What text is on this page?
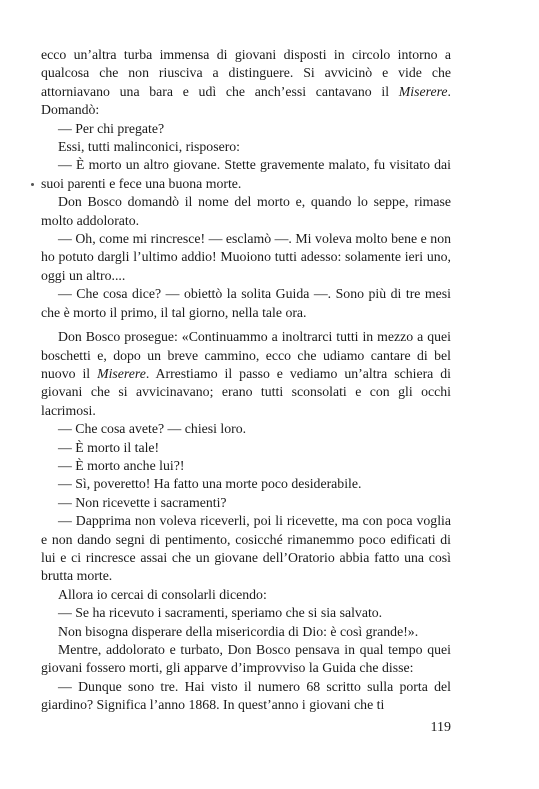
ecco un’altra turba immensa di giovani disposti in circolo intorno a qualcosa che non riusciva a distinguere. Si avvicinò e vide che attorniavano una bara e udì che anch’essi cantavano il Miserere. Domandò:

— Per chi pregate?

Essi, tutti malinconici, risposero:

— È morto un altro giovane. Stette gravemente malato, fu visitato dai suoi parenti e fece una buona morte.

Don Bosco domandò il nome del morto e, quando lo seppe, rimase molto addolorato.

— Oh, come mi rincresce! — esclamò —. Mi voleva molto bene e non ho potuto dargli l’ultimo addio! Muoiono tutti adesso: solamente ieri uno, oggi un altro....

— Che cosa dice? — obiettò la solita Guida —. Sono più di tre mesi che è morto il primo, il tal giorno, nella tale ora.

Don Bosco prosegue: «Continuammo a inoltrarci tutti in mezzo a quei boschetti e, dopo un breve cammino, ecco che udiamo cantare di bel nuovo il Miserere. Arrestiamo il passo e vediamo un’altra schiera di giovani che si avvicinavano; erano tutti sconsolati e con gli occhi lacrimosi.

— Che cosa avete? — chiesi loro.

— È morto il tale!

— È morto anche lui?!

— Sì, poveretto! Ha fatto una morte poco desiderabile.

— Non ricevette i sacramenti?

— Dapprima non voleva riceverli, poi li ricevette, ma con poca voglia e non dando segni di pentimento, cosicché rimanemmo poco edificati di lui e ci rincresce assai che un giovane dell’Oratorio abbia fatto una così brutta morte.

Allora io cercai di consolarli dicendo:

— Se ha ricevuto i sacramenti, speriamo che si sia salvato.

Non bisogna disperare della misericordia di Dio: è così grande!».

Mentre, addolorato e turbato, Don Bosco pensava in qual tempo quei giovani fossero morti, gli apparve d’improvviso la Guida che disse:

— Dunque sono tre. Hai visto il numero 68 scritto sulla porta del giardino? Significa l’anno 1868. In quest’anno i giovani che ti

119
